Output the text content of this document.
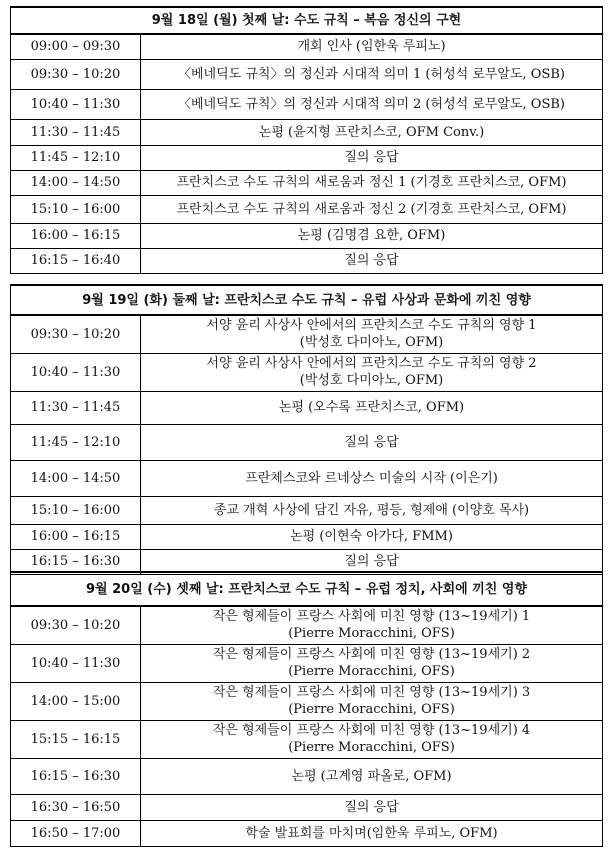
9월 18일 (월) 첫째 날: 수도 규칙 – 복음 정신의 구현	
09:00 – 09:30	개회 인사 (임한욱 루피노)

09:30 – 10:20	〈베네딕도 규칙〉의 정신과 시대적 의미 1 (허성석 로무알도, OSB)

10:40 – 11:30	〈베네딕도 규칙〉의 정신과 시대적 의미 2 (허성석 로무알도, OSB)

11:30 – 11:45	논평 (윤지형 프란치스코, OFM Conv.)

11:45 – 12:10	질의 응답

14:00 – 14:50	프란치스코 수도 규칙의 새로움과 정신 1 (기경호 프란치스코, OFM)

15:10 – 16:00	프란치스코 수도 규칙의 새로움과 정신 2 (기경호 프란치스코, OFM)

16:00 – 16:15	논평 (김명겸 요한, OFM)

16:15 – 16:40	질의 응답
9월 19일 (화) 둘째 날: 프란치스코 수도 규칙 – 유럽 사상과 문화에 끼친 영향	
09:30 – 10:20	서양 윤리 사상사 안에서의 프란치스코 수도 규칙의 영향 1
(박성호 다미아노, OFM)

10:40 – 11:30	서양 윤리 사상사 안에서의 프란치스코 수도 규칙의 영향 2
(박성호 다미아노, OFM)

11:30 – 11:45	논평 (오수록 프란치스코, OFM)

11:45 – 12:10	질의 응답

14:00 – 14:50	프란체스코와 르네상스 미술의 시작 (이은기)

15:10 – 16:00	종교 개혁 사상에 담긴 자유, 평등, 형제애 (이양호 목사)

16:00 – 16:15	논평 (이현숙 아가다, FMM)

16:15 – 16:30	질의 응답
9월 20일 (수) 셋째 날: 프란치스코 수도 규칙 – 유럽 정치, 사회에 끼친 영향	
09:30 – 10:20	작은 형제들이 프랑스 사회에 미친 영향 (13~19세기) 1
(Pierre Moracchini, OFS)

10:40 – 11:30	작은 형제들이 프랑스 사회에 미친 영향 (13~19세기) 2
(Pierre Moracchini, OFS)

14:00 – 15:00	작은 형제들이 프랑스 사회에 미친 영향 (13~19세기) 3
(Pierre Moracchini, OFS)

15:15 – 16:15	작은 형제들이 프랑스 사회에 미친 영향 (13~19세기) 4
(Pierre Moracchini, OFS)

16:15 – 16:30	논평 (고계영 파올로, OFM)

16:30 – 16:50	질의 응답

16:50 – 17:00	학술 발표회를 마치며(임한욱 루피노, OFM)
